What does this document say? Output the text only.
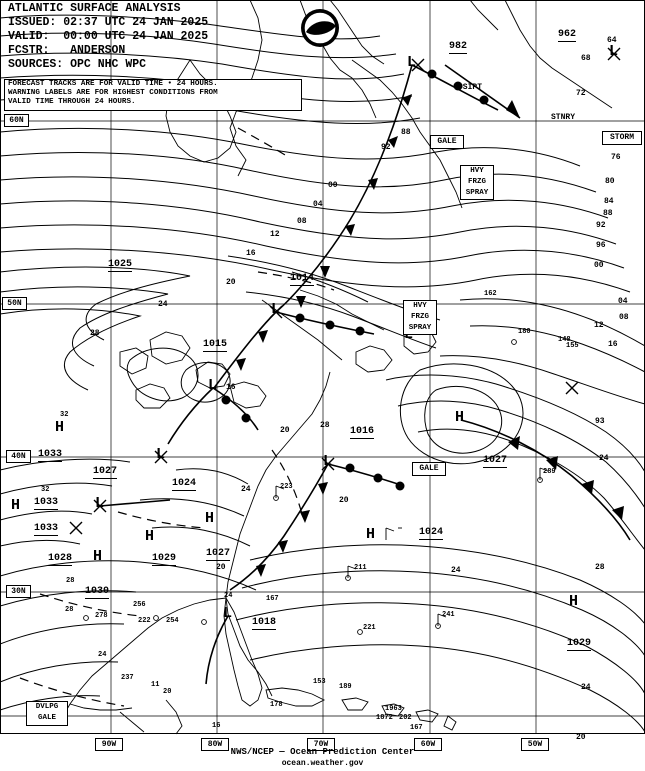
ATLANTIC SURFACE ANALYSIS
ISSUED: 02:37 UTC 24 JAN 2025
VALID:  00:00 UTC 24 JAN 2025
FCSTR:   ANDERSON
SOURCES: OPC NHC WPC
FORECAST TRACKS ARE FOR VALID TIME • 24 HOURS.
WARNING LABELS ARE FOR HIGHEST CONDITIONS FROM
VALID TIME THROUGH 24 HOURS.
60N
50N
40N
30N
90W	80W	70W	60W	50W
L
L
L
L
L
L
L
L
H
H
H
H
H
H
H
H
1025
1014
1015
1016
1027
1024
1033
1033
1033
1028	1029	1027
1030
1018
1024
1027
1029
982
962
GALE
HVY
FRZG
SPRAY
HVY
FRZG
SPRAY
GALE
STORM
DVLPG
GALE
DSIPT
STNRY
64
68
72
76
80
84
88
92
96
00
04
08
12
16
24
28
24
20
93
88
92
00
04
08
12
16
20
24
28
16
20
28
24
20
24
223
211
221
241
289
180
162
148
155
256
254
222
278
28
28
24
237
20
11
16
24	167
153
189
178
167
1963
1872 202
32
32
20
NWS/NCEP — Ocean Prediction Center
ocean.weather.gov
